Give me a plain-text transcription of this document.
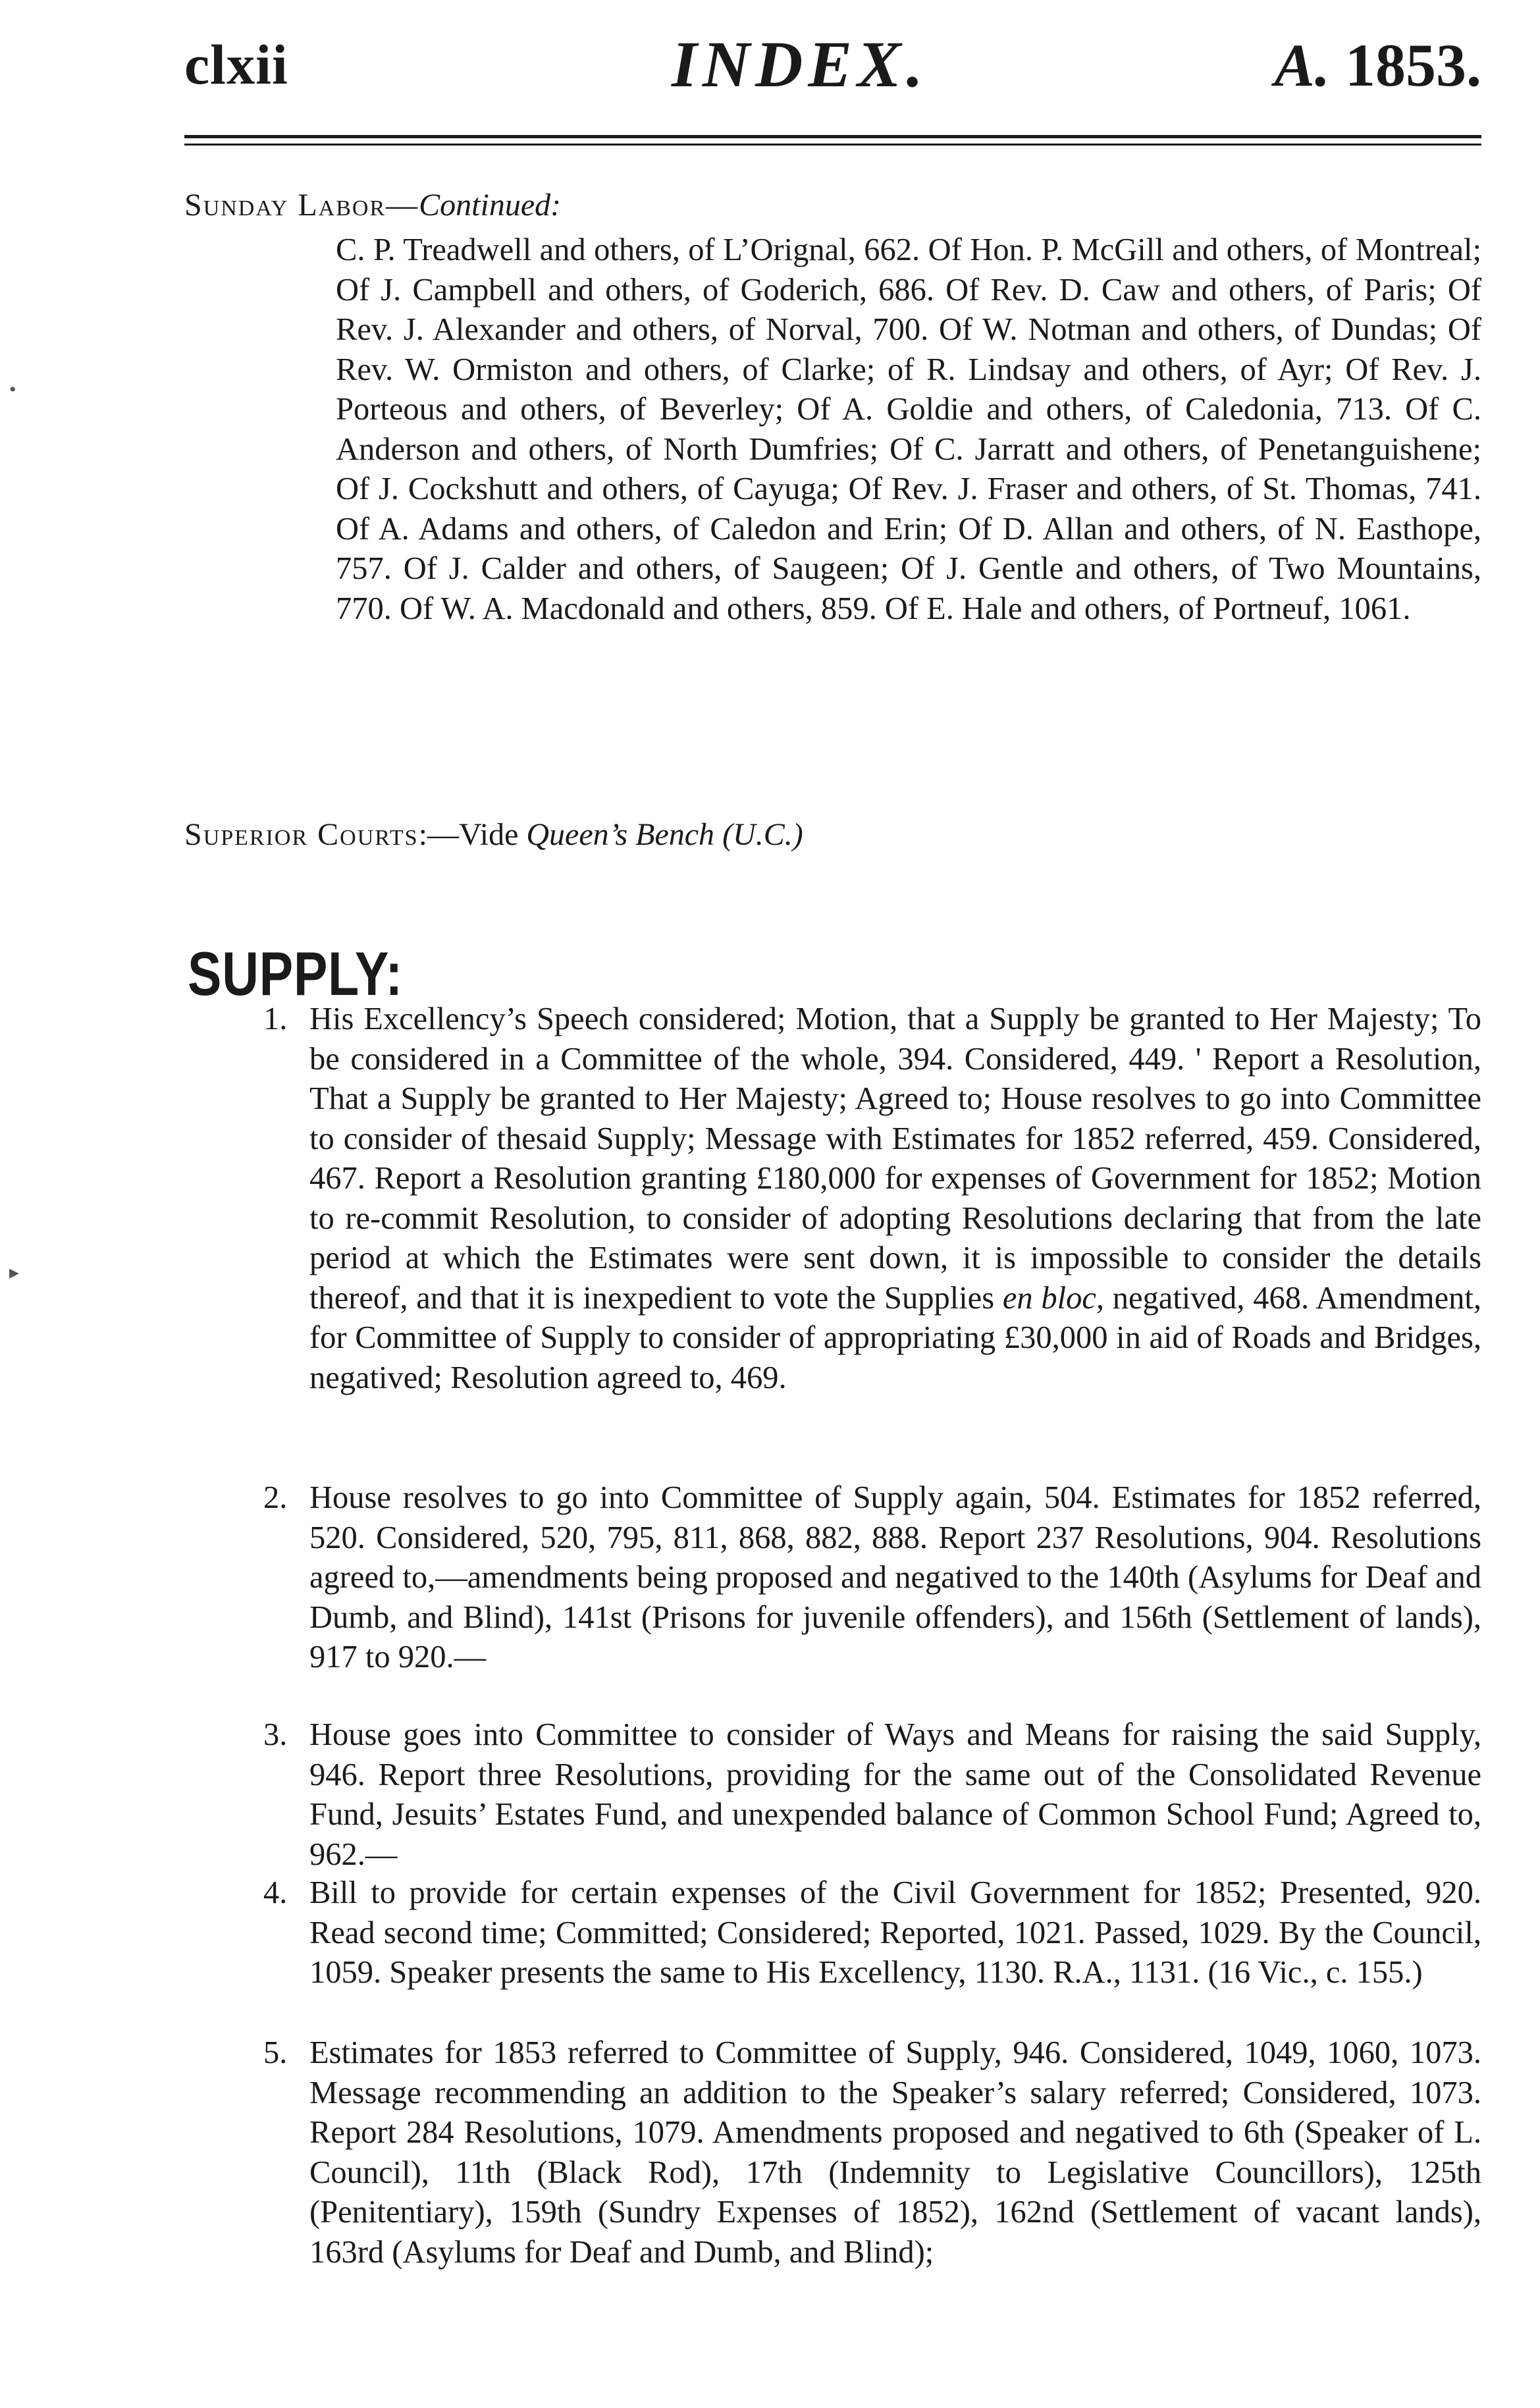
clxii	INDEX.	A. 1853.
Sunday Labor—Continued:
C. P. Treadwell and others, of L’Orignal, 662. Of Hon. P. McGill and others, of Montreal; Of J. Campbell and others, of Goderich, 686. Of Rev. D. Caw and others, of Paris; Of Rev. J. Alexander and others, of Norval, 700. Of W. Notman and others, of Dundas; Of Rev. W. Ormiston and others, of Clarke; of R. Lindsay and others, of Ayr; Of Rev. J. Porteous and others, of Beverley; Of A. Goldie and others, of Caledonia, 713. Of C. Anderson and others, of North Dumfries; Of C. Jarratt and others, of Penetanguishene; Of J. Cockshutt and others, of Cayuga; Of Rev. J. Fraser and others, of St. Thomas, 741. Of A. Adams and others, of Caledon and Erin; Of D. Allan and others, of N. Easthope, 757. Of J. Calder and others, of Saugeen; Of J. Gentle and others, of Two Mountains, 770. Of W. A. Macdonald and others, 859. Of E. Hale and others, of Portneuf, 1061.
Superior Courts:—Vide Queen’s Bench (U.C.)
SUPPLY:
1. His Excellency’s Speech considered; Motion, that a Supply be granted to Her Majesty; To be considered in a Committee of the whole, 394. Considered, 449. ' Report a Resolution, That a Supply be granted to Her Majesty; Agreed to; House resolves to go into Committee to consider of thesaid Supply; Message with Estimates for 1852 referred, 459. Considered, 467. Report a Resolution granting £180,000 for expenses of Government for 1852; Motion to re-commit Resolution, to consider of adopting Resolutions declaring that from the late period at which the Estimates were sent down, it is impossible to consider the details thereof, and that it is inexpedient to vote the Supplies en bloc, negatived, 468. Amendment, for Committee of Supply to consider of appropriating £30,000 in aid of Roads and Bridges, negatived; Resolution agreed to, 469.
2. House resolves to go into Committee of Supply again, 504. Estimates for 1852 referred, 520. Considered, 520, 795, 811, 868, 882, 888. Report 237 Resolutions, 904. Resolutions agreed to,—amendments being proposed and negatived to the 140th (Asylums for Deaf and Dumb, and Blind), 141st (Prisons for juvenile offenders), and 156th (Settlement of lands), 917 to 920.—
3. House goes into Committee to consider of Ways and Means for raising the said Supply, 946. Report three Resolutions, providing for the same out of the Consolidated Revenue Fund, Jesuits’ Estates Fund, and unexpended balance of Common School Fund; Agreed to, 962.—
4. Bill to provide for certain expenses of the Civil Government for 1852; Presented, 920. Read second time; Committed; Considered; Reported, 1021. Passed, 1029. By the Council, 1059. Speaker presents the same to His Excellency, 1130. R.A., 1131. (16 Vic., c. 155.)
5. Estimates for 1853 referred to Committee of Supply, 946. Considered, 1049, 1060, 1073. Message recommending an addition to the Speaker’s salary referred; Considered, 1073. Report 284 Resolutions, 1079. Amendments proposed and negatived to 6th (Speaker of L. Council), 11th (Black Rod), 17th (Indemnity to Legislative Councillors), 125th (Penitentiary), 159th (Sundry Expenses of 1852), 162nd (Settlement of vacant lands), 163rd (Asylums for Deaf and Dumb, and Blind);
•
▸
